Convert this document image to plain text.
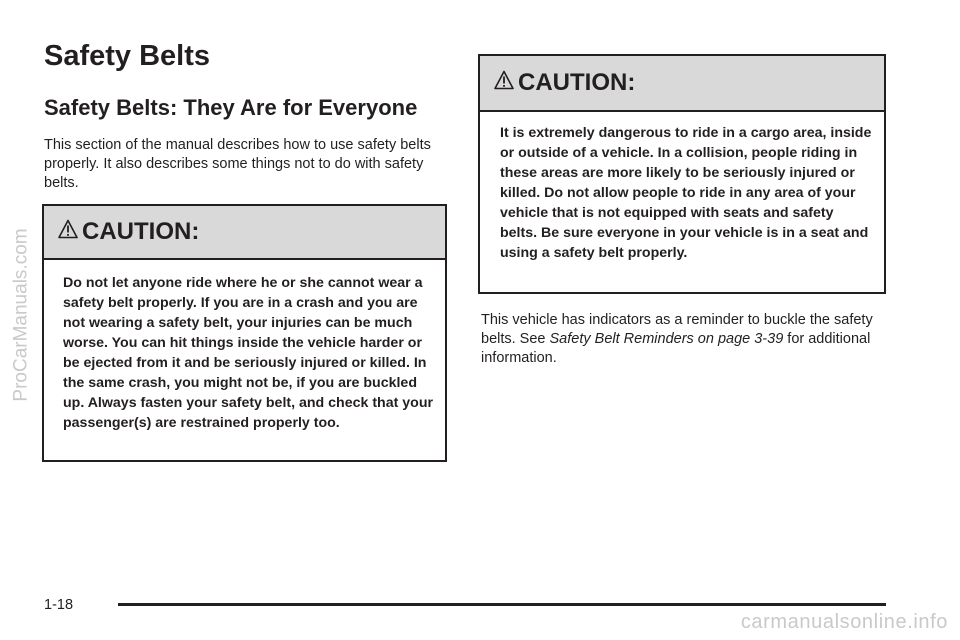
ProCarManuals.com
Safety Belts
Safety Belts: They Are for Everyone

This section of the manual describes how to use safety belts properly. It also describes some things not to do with safety belts.

CAUTION:

Do not let anyone ride where he or she cannot wear a safety belt properly. If you are in a crash and you are not wearing a safety belt, your injuries can be much worse. You can hit things inside the vehicle harder or be ejected from it and be seriously injured or killed. In the same crash, you might not be, if you are buckled up. Always fasten your safety belt, and check that your passenger(s) are restrained properly too.

CAUTION:

It is extremely dangerous to ride in a cargo area, inside or outside of a vehicle. In a collision, people riding in these areas are more likely to be seriously injured or killed. Do not allow people to ride in any area of your vehicle that is not equipped with seats and safety belts. Be sure everyone in your vehicle is in a seat and using a safety belt properly.

This vehicle has indicators as a reminder to buckle the safety belts. See Safety Belt Reminders on page 3-39 for additional information.

1-18
carmanualsonline.info
